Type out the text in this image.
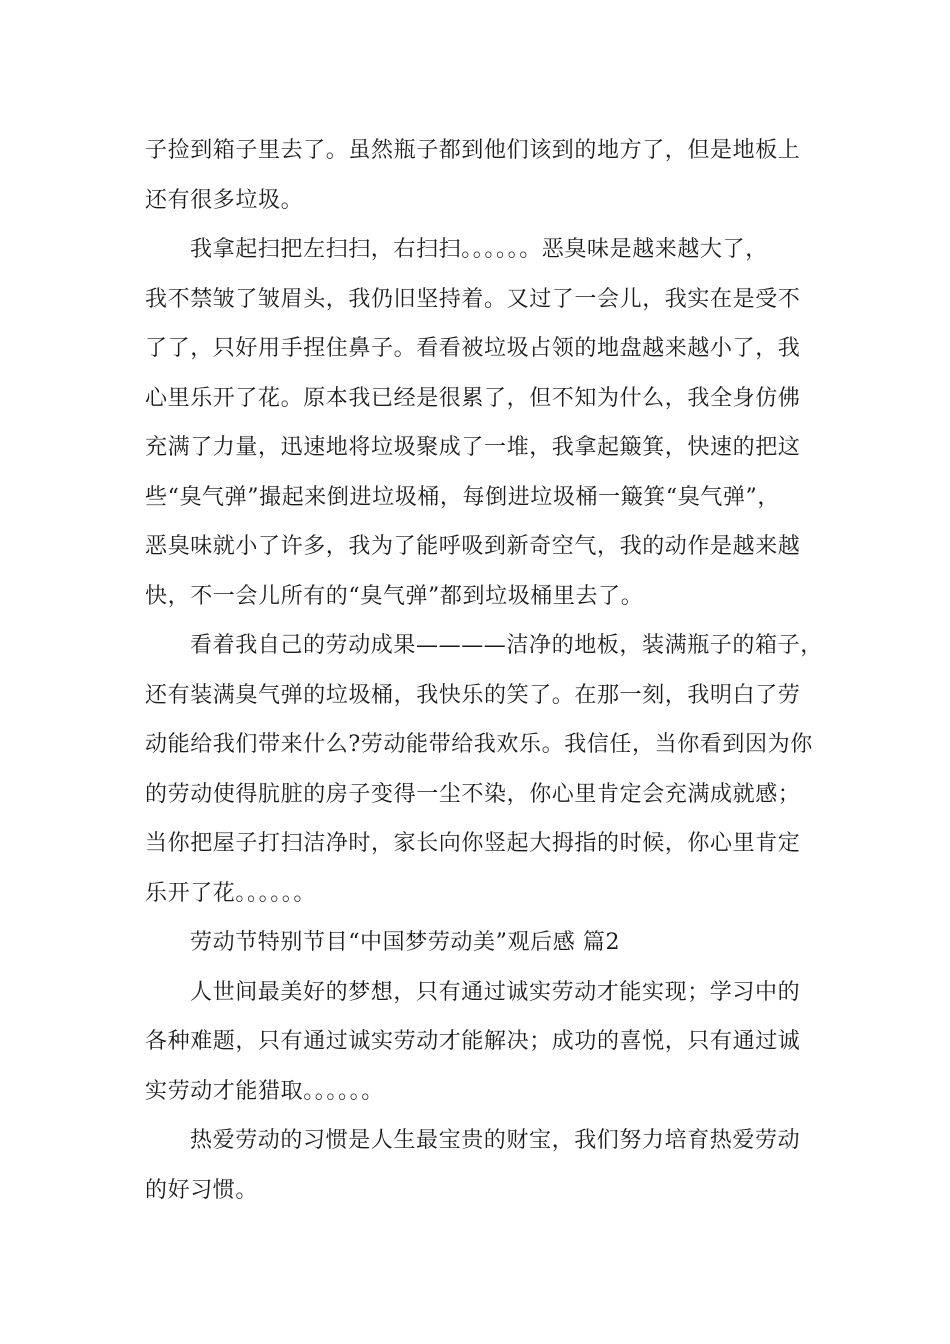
子捡到箱子里去了。虽然瓶子都到他们该到的地方了，但是地板上
还有很多垃圾。
我拿起扫把左扫扫，右扫扫。。。。。。恶臭味是越来越大了，
我不禁皱了皱眉头，我仍旧坚持着。又过了一会儿，我实在是受不
了了，只好用手捏住鼻子。看看被垃圾占领的地盘越来越小了，我
心里乐开了花。原本我已经是很累了，但不知为什么，我全身仿佛
充满了力量，迅速地将垃圾聚成了一堆，我拿起簸箕，快速的把这
些“臭气弹”撮起来倒进垃圾桶，每倒进垃圾桶一簸箕“臭气弹”，
恶臭味就小了许多，我为了能呼吸到新奇空气，我的动作是越来越
快，不一会儿所有的“臭气弹”都到垃圾桶里去了。
看着我自己的劳动成果————洁净的地板，装满瓶子的箱子，
还有装满臭气弹的垃圾桶，我快乐的笑了。在那一刻，我明白了劳
动能给我们带来什么?劳动能带给我欢乐。我信任，当你看到因为你
的劳动使得肮脏的房子变得一尘不染，你心里肯定会充满成就感；
当你把屋子打扫洁净时，家长向你竖起大拇指的时候，你心里肯定
乐开了花。。。。。。
劳动节特别节目“中国梦劳动美”观后感 篇2
人世间最美好的梦想，只有通过诚实劳动才能实现；学习中的
各种难题，只有通过诚实劳动才能解决；成功的喜悦，只有通过诚
实劳动才能猎取。。。。。。
热爱劳动的习惯是人生最宝贵的财宝，我们努力培育热爱劳动
的好习惯。
